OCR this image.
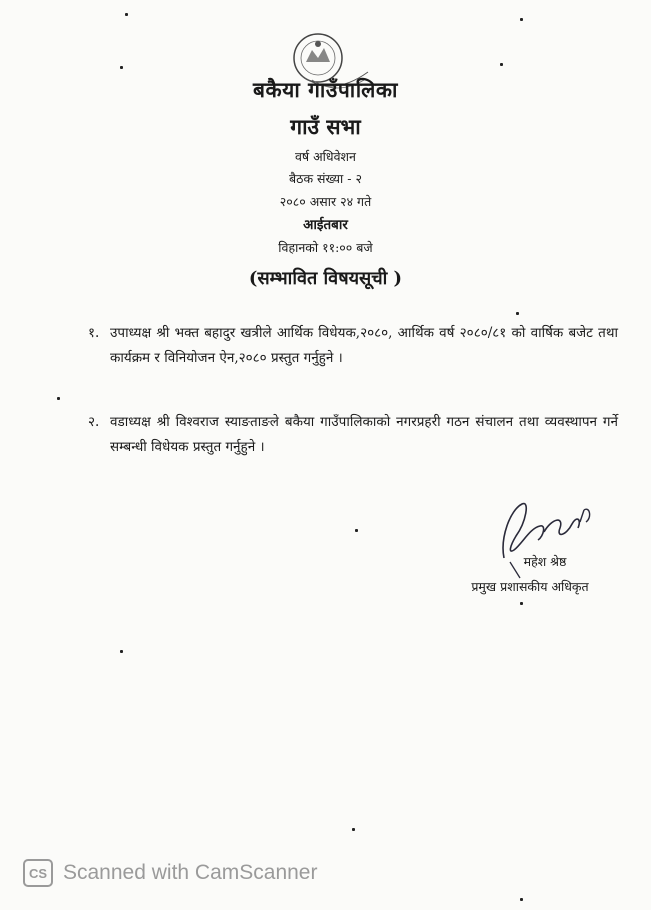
बकैया गाउँपालिका
गाउँ सभा
वर्ष अधिवेशन
बैठक संख्या - २
२०८० असार २४ गते
आईतबार
विहानको ११:०० बजे
(सम्भावित विषयसूची )
१. उपाध्यक्ष श्री भक्त बहादुर खत्रीले आर्थिक विधेयक,२०८०, आर्थिक वर्ष २०८०/८१ को वार्षिक बजेट तथा कार्यक्रम र विनियोजन ऐन,२०८० प्रस्तुत गर्नुहुने ।
२. वडाध्यक्ष श्री विश्वराज स्याङताङले बकैया गाउँपालिकाको नगरप्रहरी गठन संचालन तथा व्यवस्थापन गर्ने सम्बन्धी विधेयक प्रस्तुत गर्नुहुने ।
महेश श्रेष्ठ
प्रमुख प्रशासकीय अधिकृत
CS Scanned with CamScanner
